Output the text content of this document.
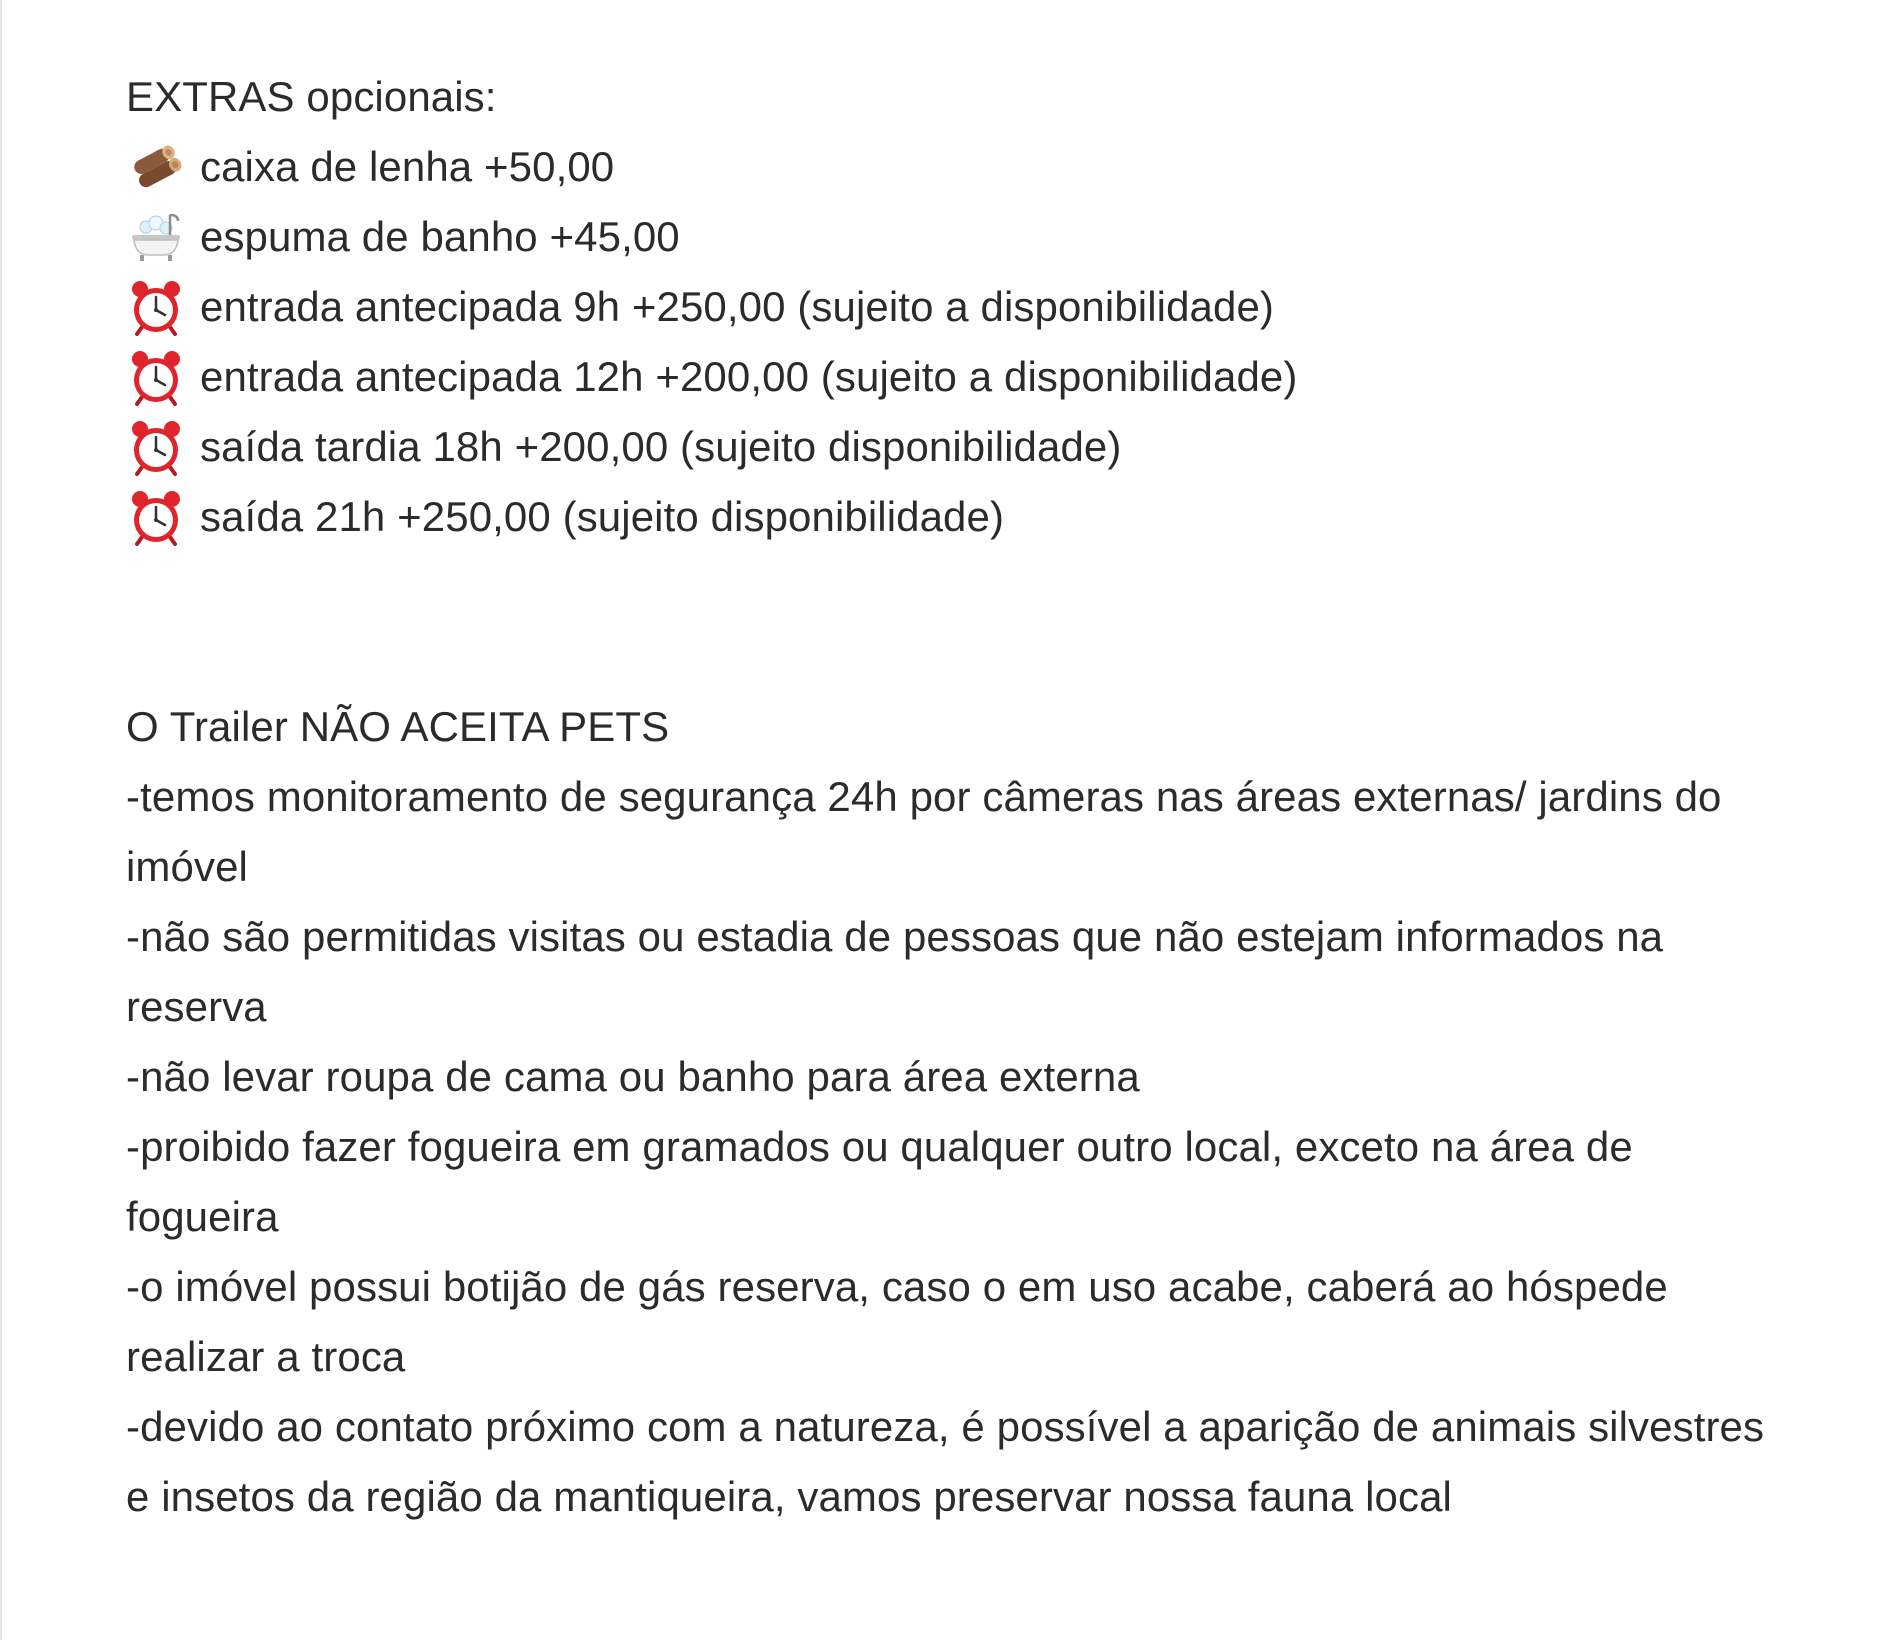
EXTRAS opcionais:
caixa de lenha +50,00
espuma de banho +45,00
entrada antecipada 9h +250,00 (sujeito a disponibilidade)
entrada antecipada 12h +200,00 (sujeito a disponibilidade)
saída tardia 18h +200,00 (sujeito disponibilidade)
saída 21h +250,00 (sujeito disponibilidade)
O Trailer NÃO ACEITA PETS
-temos monitoramento de segurança 24h por câmeras nas áreas externas/ jardins do imóvel
-não são permitidas visitas ou estadia de pessoas que não estejam informados na reserva
-não levar roupa de cama ou banho para área externa
-proibido fazer fogueira em gramados ou qualquer outro local, exceto na área de fogueira
-o imóvel possui botijão de gás reserva, caso o em uso acabe, caberá ao hóspede realizar a troca
-devido ao contato próximo com a natureza, é possível a aparição de animais silvestres e insetos da região da mantiqueira, vamos preservar nossa fauna local
